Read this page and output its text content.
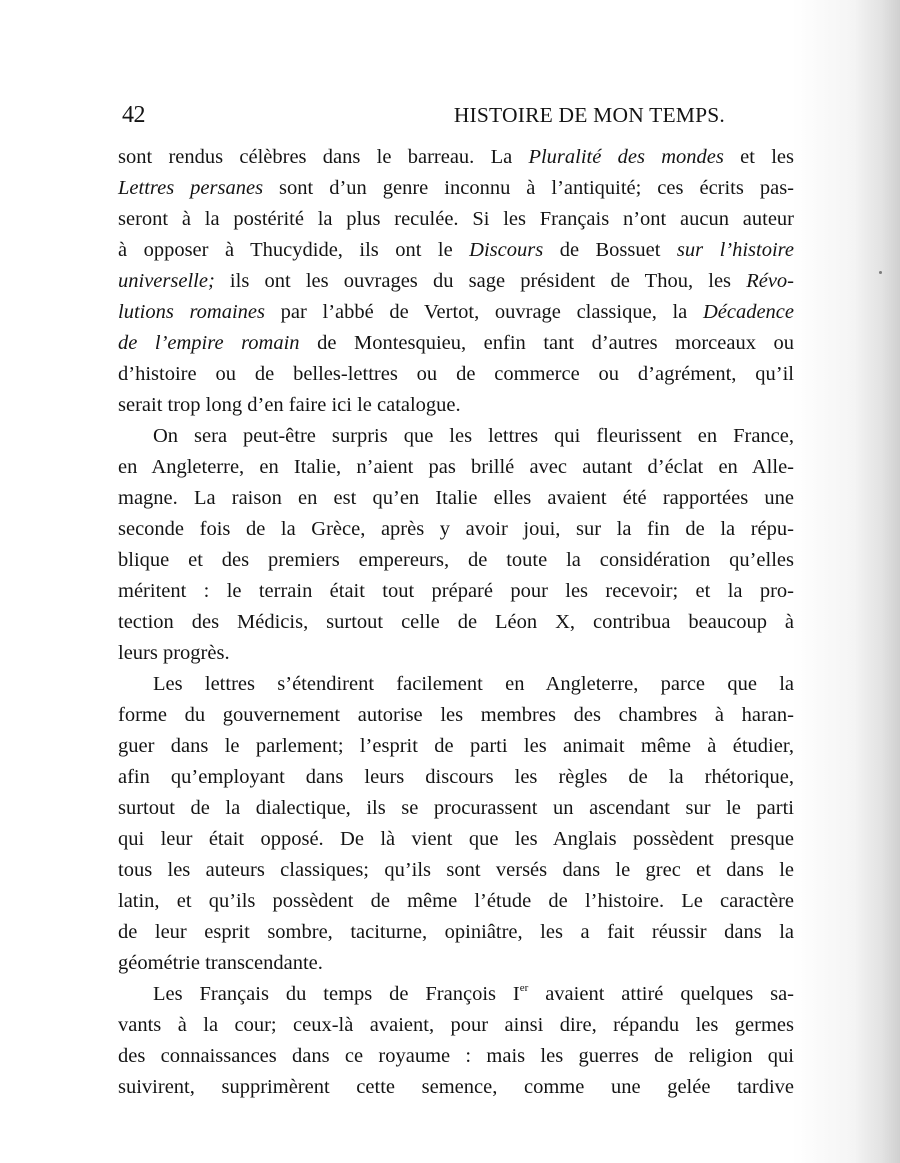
42	HISTOIRE DE MON TEMPS.
sont rendus célèbres dans le barreau. La Pluralité des mondes et les
Lettres persanes sont d’un genre inconnu à l’antiquité; ces écrits pas-
seront à la postérité la plus reculée. Si les Français n’ont aucun auteur
à opposer à Thucydide, ils ont le Discours de Bossuet sur l’histoire
universelle; ils ont les ouvrages du sage président de Thou, les Révo-
lutions romaines par l’abbé de Vertot, ouvrage classique, la Décadence
de l’empire romain de Montesquieu, enfin tant d’autres morceaux ou
d’histoire ou de belles-lettres ou de commerce ou d’agrément, qu’il
serait trop long d’en faire ici le catalogue.
On sera peut-être surpris que les lettres qui fleurissent en France,
en Angleterre, en Italie, n’aient pas brillé avec autant d’éclat en Alle-
magne. La raison en est qu’en Italie elles avaient été rapportées une
seconde fois de la Grèce, après y avoir joui, sur la fin de la répu-
blique et des premiers empereurs, de toute la considération qu’elles
méritent : le terrain était tout préparé pour les recevoir; et la pro-
tection des Médicis, surtout celle de Léon X, contribua beaucoup à
leurs progrès.
Les lettres s’étendirent facilement en Angleterre, parce que la
forme du gouvernement autorise les membres des chambres à haran-
guer dans le parlement; l’esprit de parti les animait même à étudier,
afin qu’employant dans leurs discours les règles de la rhétorique,
surtout de la dialectique, ils se procurassent un ascendant sur le parti
qui leur était opposé. De là vient que les Anglais possèdent presque
tous les auteurs classiques; qu’ils sont versés dans le grec et dans le
latin, et qu’ils possèdent de même l’étude de l’histoire. Le caractère
de leur esprit sombre, taciturne, opiniâtre, les a fait réussir dans la
géométrie transcendante.
Les Français du temps de François Ier avaient attiré quelques sa-
vants à la cour; ceux-là avaient, pour ainsi dire, répandu les germes
des connaissances dans ce royaume : mais les guerres de religion qui
suivirent, supprimèrent cette semence, comme une gelée tardive
